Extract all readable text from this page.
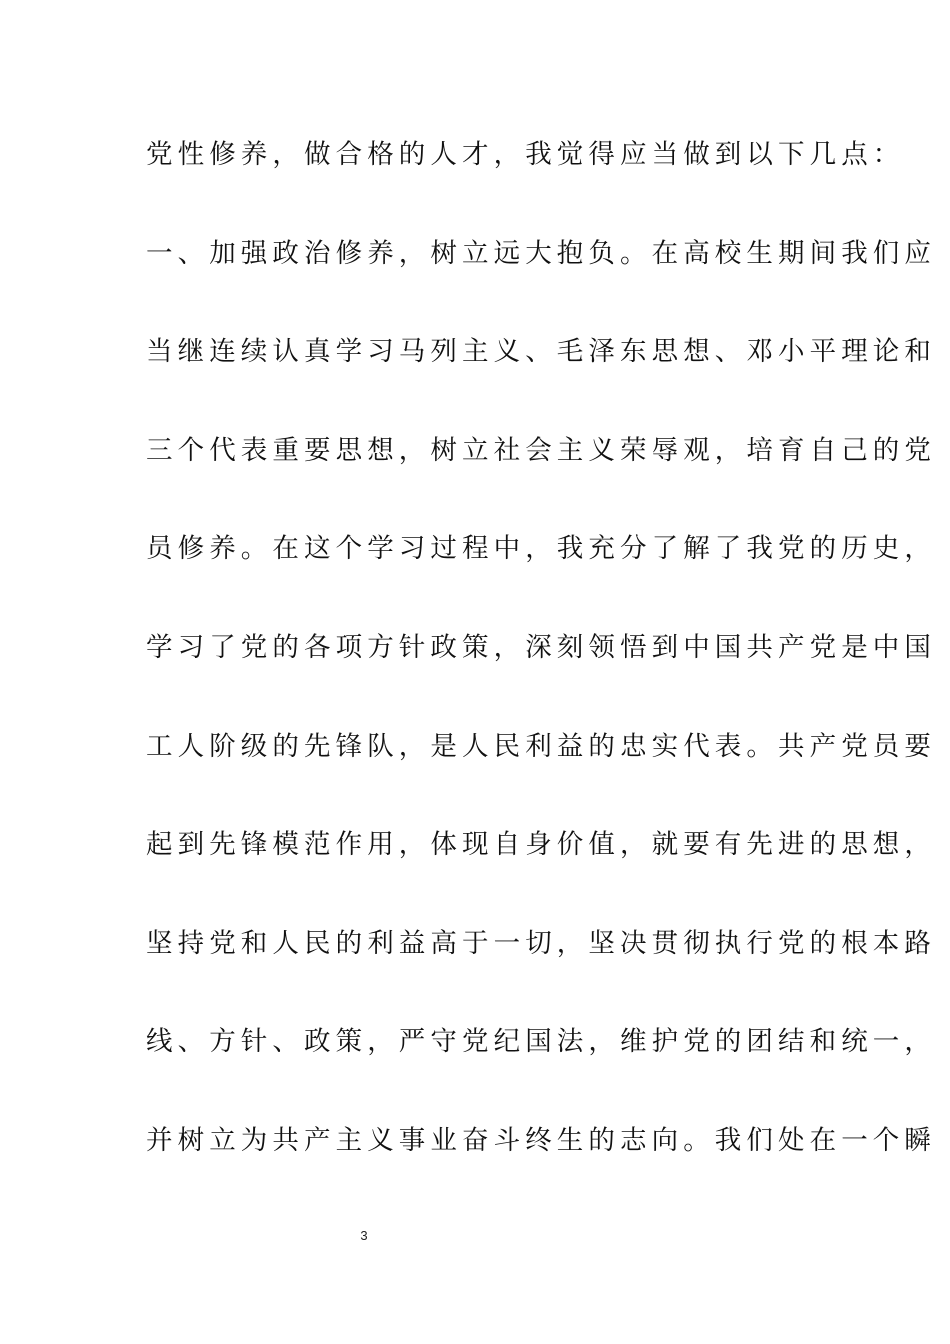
党性修养，做合格的人才，我觉得应当做到以下几点：
一、加强政治修养，树立远大抱负。在高校生期间我们应
当继连续认真学习马列主义、毛泽东思想、邓小平理论和
三个代表重要思想，树立社会主义荣辱观，培育自己的党
员修养。在这个学习过程中，我充分了解了我党的历史，
学习了党的各项方针政策，深刻领悟到中国共产党是中国
工人阶级的先锋队，是人民利益的忠实代表。共产党员要
起到先锋模范作用，体现自身价值，就要有先进的思想，
坚持党和人民的利益高于一切，坚决贯彻执行党的根本路
线、方针、政策，严守党纪国法，维护党的团结和统一，
并树立为共产主义事业奋斗终生的志向。我们处在一个瞬
3
